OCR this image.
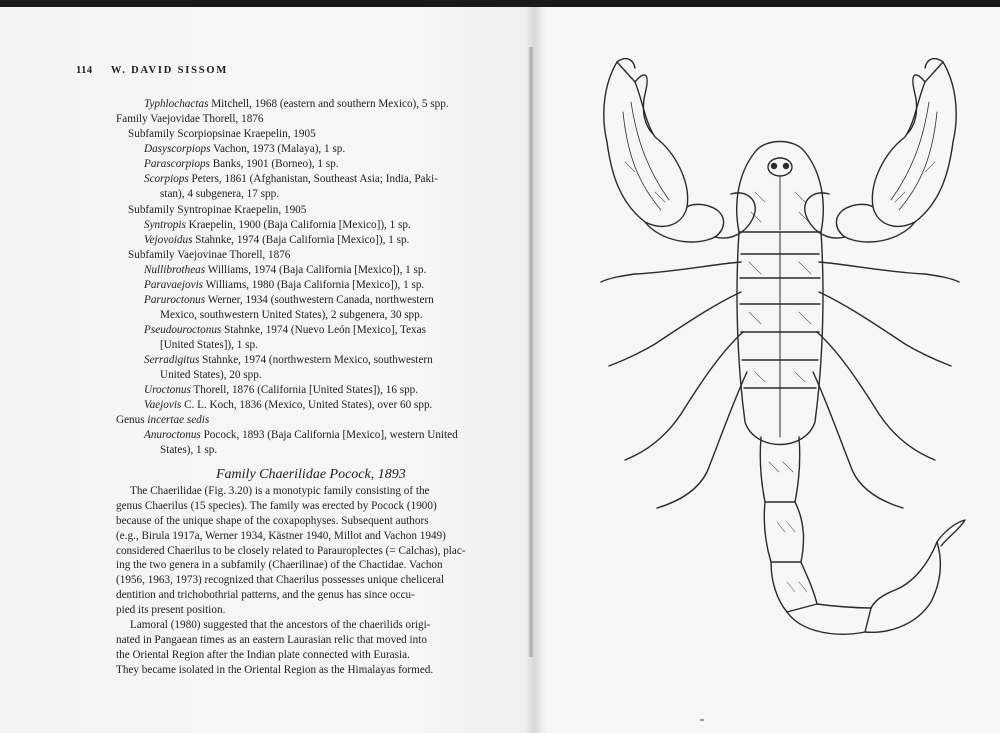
114 W. DAVID SISSOM
Typhlochactas Mitchell, 1968 (eastern and southern Mexico), 5 spp.
Family Vaejovidae Thorell, 1876
Subfamily Scorpiopsinae Kraepelin, 1905
Dasyscorpiops Vachon, 1973 (Malaya), 1 sp.
Parascorpiops Banks, 1901 (Borneo), 1 sp.
Scorpiops Peters, 1861 (Afghanistan, Southeast Asia; India, Paki-
stan), 4 subgenera, 17 spp.
Subfamily Syntropinae Kraepelin, 1905
Syntropis Kraepelin, 1900 (Baja California [Mexico]), 1 sp.
Vejovoidus Stahnke, 1974 (Baja California [Mexico]), 1 sp.
Subfamily Vaejovinae Thorell, 1876
Nullibrotheas Williams, 1974 (Baja California [Mexico]), 1 sp.
Paravaejovis Williams, 1980 (Baja California [Mexico]), 1 sp.
Paruroctonus Werner, 1934 (southwestern Canada, northwestern
Mexico, southwestern United States), 2 subgenera, 30 spp.
Pseudouroctonus Stahnke, 1974 (Nuevo León [Mexico], Texas
[United States]), 1 sp.
Serradigitus Stahnke, 1974 (northwestern Mexico, southwestern
United States), 20 spp.
Uroctonus Thorell, 1876 (California [United States]), 16 spp.
Vaejovis C. L. Koch, 1836 (Mexico, United States), over 60 spp.
Genus incertae sedis
Anuroctonus Pocock, 1893 (Baja California [Mexico], western United
States), 1 sp.
Family Chaerilidae Pocock, 1893
The Chaerilidae (Fig. 3.20) is a monotypic family consisting of the
genus Chaerilus (15 species). The family was erected by Pocock (1900)
because of the unique shape of the coxapophyses. Subsequent authors
(e.g., Birula 1917a, Werner 1934, Kästner 1940, Millot and Vachon 1949)
considered Chaerilus to be closely related to Parauroplectes (= Calchas), plac-
ing the two genera in a subfamily (Chaerilinae) of the Chactidae. Vachon
(1956, 1963, 1973) recognized that Chaerilus possesses unique cheliceral
dentition and trichobothrial patterns, and the genus has since occu-
pied its present position.
Lamoral (1980) suggested that the ancestors of the chaerilids origi-
nated in Pangaean times as an eastern Laurasian relic that moved into
the Oriental Region after the Indian plate connected with Eurasia.
They became isolated in the Oriental Region as the Himalayas formed.
